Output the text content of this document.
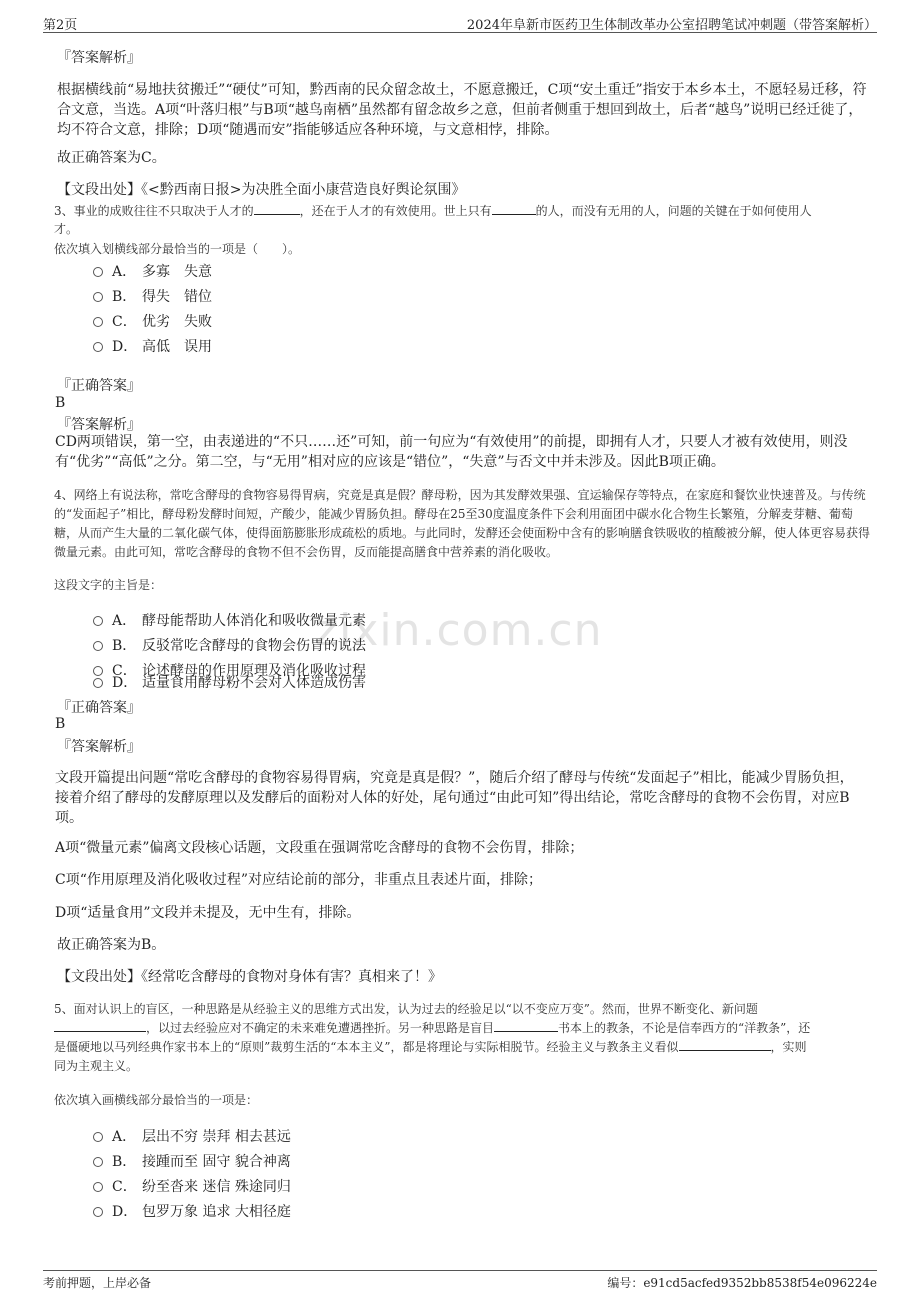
第2页	2024年阜新市医药卫生体制改革办公室招聘笔试冲刺题（带答案解析）
『答案解析』
根据横线前“易地扶贫搬迁”“硬仗”可知，黔西南的民众留念故土，不愿意搬迁，C项“安土重迁”指安于本乡本土，不愿轻易迁移，符合文意，当选。A项“叶落归根”与B项“越鸟南栖”虽然都有留念故乡之意，但前者侧重于想回到故土，后者“越鸟”说明已经迁徙了，均不符合文意，排除；D项“随遇而安”指能够适应各种环境，与文意相悖，排除。
故正确答案为C。
【文段出处】《<黔西南日报>为决胜全面小康营造良好舆论氛围》
3、事业的成败往往不只取决于人才的	，还在于人才的有效使用。世上只有	的人，而没有无用的人，问题的关键在于如何使用人
才。
依次填入划横线部分最恰当的一项是（　　）。
A． 多寡　失意
B． 得失　错位
C． 优劣　失败
D． 高低　误用
『正确答案』
B
『答案解析』
CD两项错误，第一空，由表递进的“不只……还”可知，前一句应为“有效使用”的前提，即拥有人才，只要人才被有效使用，则没有“优劣”“高低”之分。第二空，与“无用”相对应的应该是“错位”，“失意”与否文中并未涉及。因此B项正确。
4、网络上有说法称，常吃含酵母的食物容易得胃病，究竟是真是假？酵母粉，因为其发酵效果强、宜运输保存等特点，在家庭和餐饮业快速普及。与传统的“发面起子”相比，酵母粉发酵时间短，产酸少，能减少胃肠负担。酵母在25至30度温度条件下会利用面团中碳水化合物生长繁殖，分解麦芽糖、葡萄糖，从而产生大量的二氧化碳气体，使得面筋膨胀形成疏松的质地。与此同时，发酵还会使面粉中含有的影响膳食铁吸收的植酸被分解，使人体更容易获得微量元素。由此可知，常吃含酵母的食物不但不会伤胃，反而能提高膳食中营养素的消化吸收。
这段文字的主旨是：
zixin.com.cn
A． 酵母能帮助人体消化和吸收微量元素
B． 反驳常吃含酵母的食物会伤胃的说法
C． 论述酵母的作用原理及消化吸收过程
D． 适量食用酵母粉不会对人体造成伤害
『正确答案』
B
『答案解析』
文段开篇提出问题“常吃含酵母的食物容易得胃病，究竟是真是假？”，随后介绍了酵母与传统“发面起子”相比，能减少胃肠负担，接着介绍了酵母的发酵原理以及发酵后的面粉对人体的好处，尾句通过“由此可知”得出结论，常吃含酵母的食物不会伤胃，对应B项。
A项“微量元素”偏离文段核心话题，文段重在强调常吃含酵母的食物不会伤胃，排除；
C项“作用原理及消化吸收过程”对应结论前的部分，非重点且表述片面，排除；
D项“适量食用”文段并未提及，无中生有，排除。
故正确答案为B。
【文段出处】《经常吃含酵母的食物对身体有害？真相来了！》
5、面对认识上的盲区，一种思路是从经验主义的思维方式出发，认为过去的经验足以“以不变应万变”。然而，世界不断变化、新问题
，以过去经验应对不确定的未来难免遭遇挫折。另一种思路是盲目	书本上的教条，不论是信奉西方的“洋教条”，还
是僵硬地以马列经典作家书本上的“原则”裁剪生活的“本本主义”，都是将理论与实际相脱节。经验主义与教条主义看似	，实则
同为主观主义。
依次填入画横线部分最恰当的一项是：
A． 层出不穷 崇拜 相去甚远
B． 接踵而至 固守 貌合神离
C． 纷至沓来 迷信 殊途同归
D． 包罗万象 追求 大相径庭
考前押题，上岸必备	编号：e91cd5acfed9352bb8538f54e096224e
